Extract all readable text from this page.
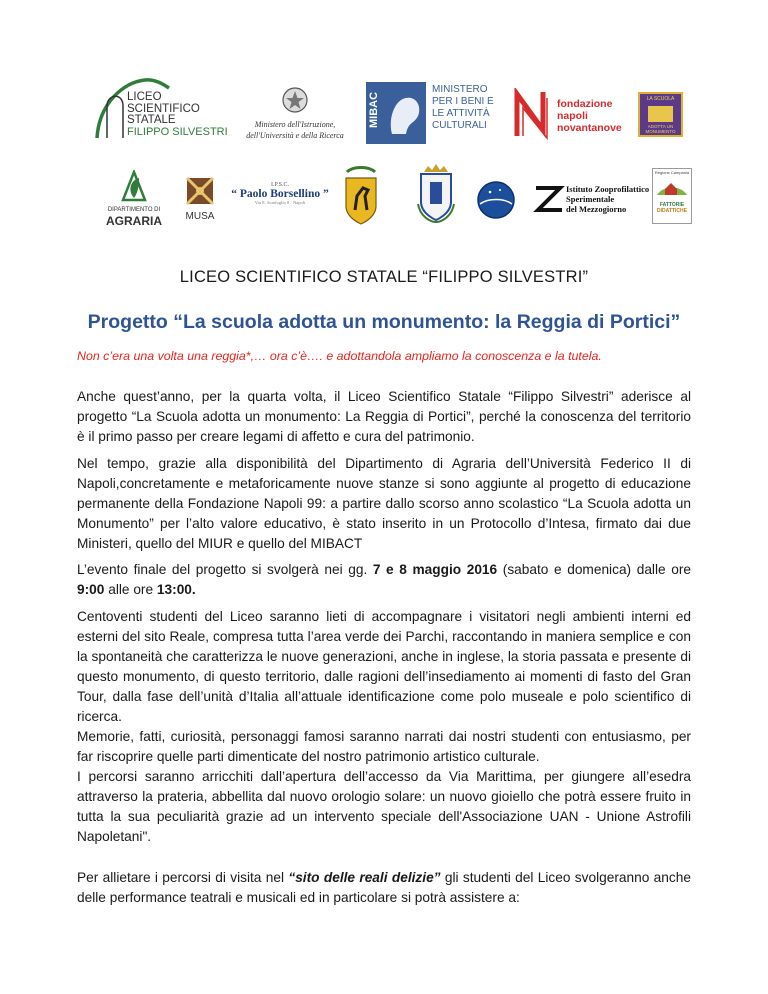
LICEO
SCIENTIFICO
STATALE
FILIPPO SILVESTRI
Ministero dell'Istruzione,
dell'Università e della Ricerca
MIBAC
MINISTERO
PER I BENI E
LE ATTIVITÀ
CULTURALI
fondazione
napoli
novantanove
LA SCUOLA
ADOTTA UN
MONUMENTO
DIPARTIMENTO DI
AGRARIA	MUSA
I.P.S.C.
“ Paolo Borsellino ”
Via E. Scarfoglio 8 · Napoli
Istituto Zooprofilattico
Sperimentale
del Mezzogiorno
Regione Campania
FATTORIE
DIDATTICHE
LICEO SCIENTIFICO STATALE “FILIPPO SILVESTRI”
Progetto “La scuola adotta un monumento: la Reggia di Portici”
Non c’era una volta una reggia*,… ora c’è…. e adottandola ampliamo la conoscenza e la tutela.

Anche quest’anno, per la quarta volta, il Liceo Scientifico Statale “Filippo Silvestri” aderisce al progetto “La Scuola adotta un monumento: La Reggia di Portici”, perché la conoscenza del territorio è il primo passo per creare legami di affetto e cura del patrimonio.

Nel tempo, grazie alla disponibilità del Dipartimento di Agraria dell’Università Federico II di Napoli,concretamente e metaforicamente nuove stanze si sono aggiunte al progetto di educazione permanente della Fondazione Napoli 99: a partire dallo scorso anno scolastico “La Scuola adotta un Monumento” per l’alto valore educativo, è stato inserito in un Protocollo d’Intesa, firmato dai due Ministeri, quello del MIUR e quello del MIBACT

L’evento finale del progetto si svolgerà nei gg. 7 e 8 maggio 2016 (sabato e domenica) dalle ore 9:00 alle ore 13:00.

Centoventi studenti del Liceo saranno lieti di accompagnare i visitatori negli ambienti interni ed esterni del sito Reale, compresa tutta l’area verde dei Parchi, raccontando in maniera semplice e con la spontaneità che caratterizza le nuove generazioni, anche in inglese, la storia passata e presente di questo monumento, di questo territorio, dalle ragioni dell’insediamento ai momenti di fasto del Gran Tour, dalla fase dell’unità d’Italia all’attuale identificazione come polo museale e polo scientifico di ricerca.

Memorie, fatti, curiosità, personaggi famosi saranno narrati dai nostri studenti con entusiasmo, per far riscoprire quelle parti dimenticate del nostro patrimonio artistico culturale.

I percorsi saranno arricchiti dall’apertura dell’accesso da Via Marittima, per giungere all’esedra attraverso la prateria, abbellita dal nuovo orologio solare: un nuovo gioiello che potrà essere fruito in tutta la sua peculiarità grazie ad un intervento speciale dell'Associazione UAN - Unione Astrofili Napoletani".

Per allietare i percorsi di visita nel “sito delle reali delizie” gli studenti del Liceo svolgeranno anche delle performance teatrali e musicali ed in particolare si potrà assistere a:
